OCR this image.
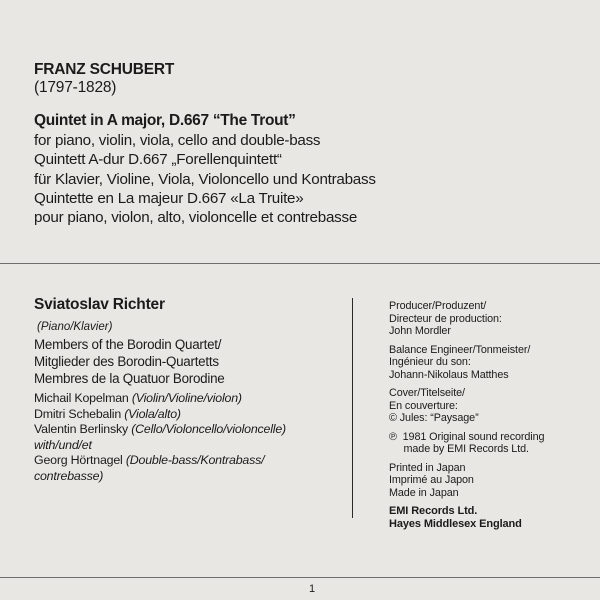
FRANZ SCHUBERT
(1797-1828)
Quintet in A major, D.667 “The Trout”
for piano, violin, viola, cello and double-bass
Quintett A-dur D.667 „Forellenquintett“
für Klavier, Violine, Viola, Violoncello und Kontrabass
Quintette en La majeur D.667 «La Truite»
pour piano, violon, alto, violoncelle et contrebasse
Sviatoslav Richter
(Piano/Klavier)
Members of the Borodin Quartet/
Mitglieder des Borodin-Quartetts
Membres de la Quatuor Borodine
Michail Kopelman (Violin/Violine/violon)
Dmitri Schebalin (Viola/alto)
Valentin Berlinsky (Cello/Violoncello/violoncelle)
with/und/et
Georg Hörtnagel (Double-bass/Kontrabass/
contrebasse)
Producer/Produzent/
Directeur de production:
John Mordler
Balance Engineer/Tonmeister/
Ingénieur du son:
Johann-Nikolaus Matthes
Cover/Titelseite/
En couverture:
© Jules: “Paysage”
℗  1981 Original sound recording
made by EMI Records Ltd.
Printed in Japan
Imprimé au Japon
Made in Japan
EMI Records Ltd.
Hayes Middlesex England
1
